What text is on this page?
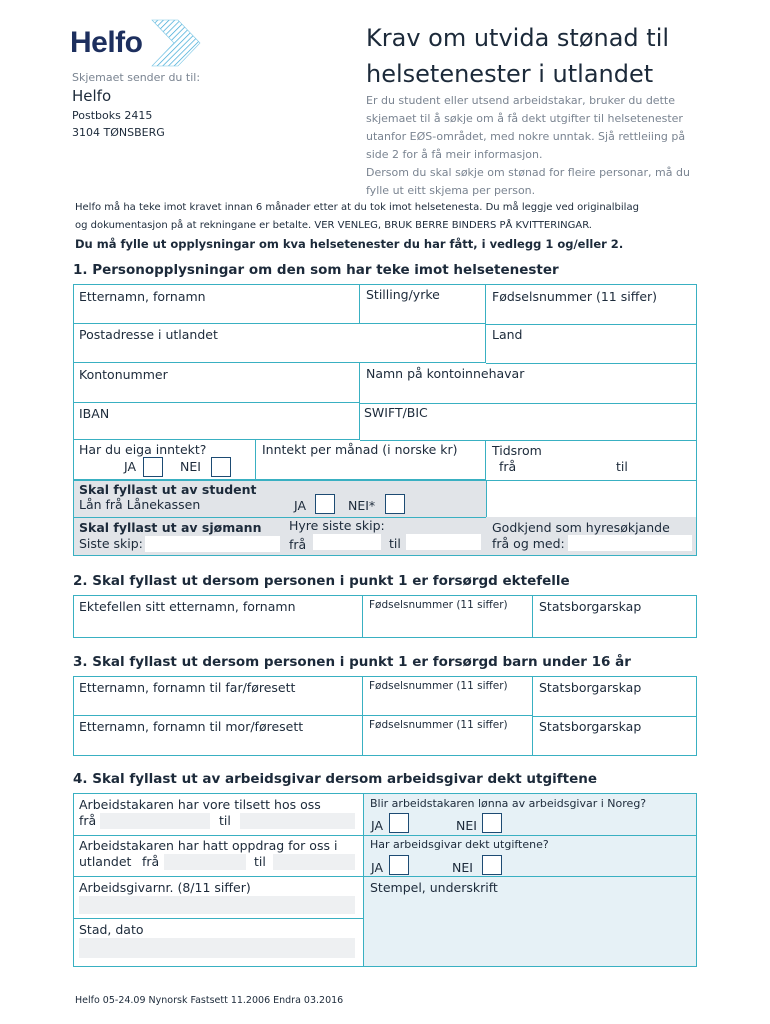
Helfo	Krav om utvida stønad til
helsetenester i utlandet
Skjemaet sender du til:
Helfo
Postboks 2415
3104 TØNSBERG
Er du student eller utsend arbeidstakar, bruker du dette
skjemaet til å søkje om å få dekt utgifter til helsetenester
utanfor EØS-området, med nokre unntak. Sjå rettleiing på
side 2 for å få meir informasjon.
Dersom du skal søkje om stønad for fleire personar, må du
fylle ut eitt skjema per person.
Helfo må ha teke imot kravet innan 6 månader etter at du tok imot helsetenesta. Du må leggje ved originalbilag
og dokumentasjon på at rekningane er betalte. VER VENLEG, BRUK BERRE BINDERS PÅ KVITTERINGAR.
Du må fylle ut opplysningar om kva helsetenester du har fått, i vedlegg 1 og/eller 2.
1. Personopplysningar om den som har teke imot helsetenester
Etternamn, fornamn	Stilling/yrke	Fødselsnummer (11 siffer)
Postadresse i utlandet	Land
Kontonummer	Namn på kontoinnehavar
IBAN	SWIFT/BIC
Har du eiga inntekt?
JA	NEI
Inntekt per månad (i norske kr)	Tidsrom
frå	til
Skal fyllast ut av student
Lån frå Lånekassen	JA	NEI*
Skal fyllast ut av sjømann
Siste skip:
Hyre siste skip:
frå	til
Godkjend som hyresøkjande
frå og med:
2. Skal fyllast ut dersom personen i punkt 1 er forsørgd ektefelle
Ektefellen sitt etternamn, fornamn	Fødselsnummer (11 siffer)	Statsborgarskap
3. Skal fyllast ut dersom personen i punkt 1 er forsørgd barn under 16 år
Etternamn, fornamn til far/føresett	Fødselsnummer (11 siffer)	Statsborgarskap
Etternamn, fornamn til mor/føresett	Fødselsnummer (11 siffer)	Statsborgarskap
4. Skal fyllast ut av arbeidsgivar dersom arbeidsgivar dekt utgiftene
Arbeidstakaren har vore tilsett hos oss
frå	til
Arbeidstakaren har hatt oppdrag for oss i
utlandet frå	til
Arbeidsgivarnr. (8/11 siffer)
Stad, dato
Blir arbeidstakaren lønna av arbeidsgivar i Noreg?
JA	NEI
Har arbeidsgivar dekt utgiftene?
JA	NEI
Stempel, underskrift
Helfo 05-24.09 Nynorsk Fastsett 11.2006 Endra 03.2016
